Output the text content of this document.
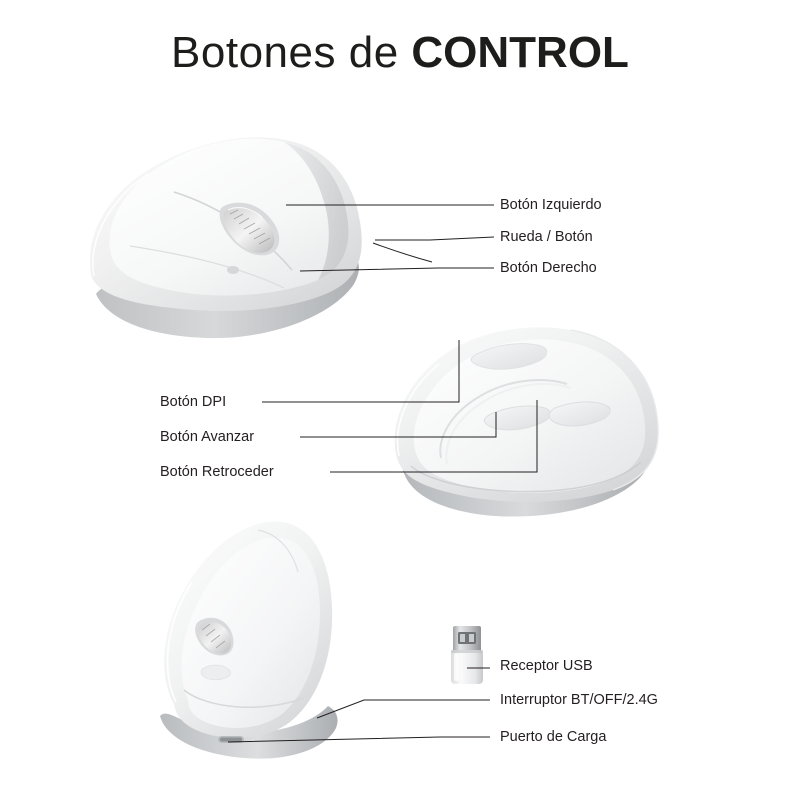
Botones de CONTROL
Botón Izquierdo
Rueda / Botón
Botón Derecho
Botón DPI
Botón Avanzar
Botón Retroceder
Receptor USB
Interruptor BT/OFF/2.4G
Puerto de Carga
